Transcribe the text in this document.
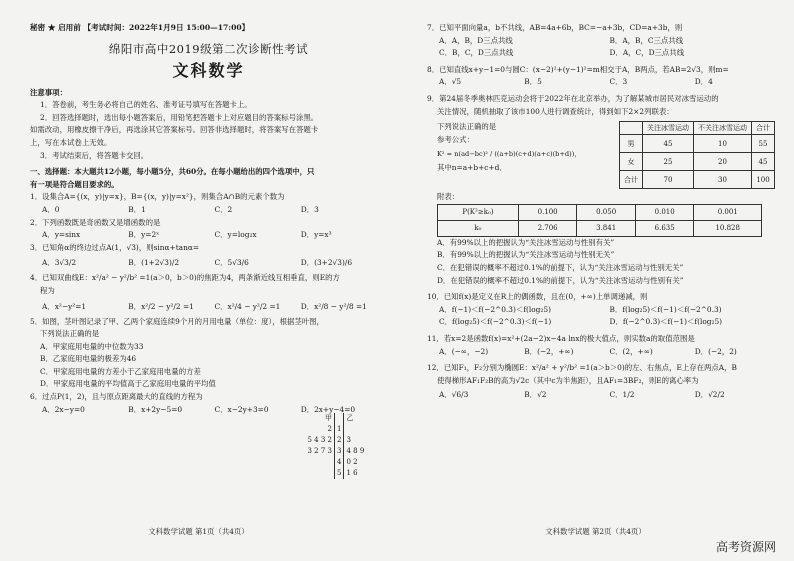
秘密 ★ 启用前 【考试时间：2022年1月9日 15:00—17:00】
绵阳市高中2019级第二次诊断性考试
文科数学
注意事项：
1．答卷前，考生务必将自己的姓名、准考证号填写在答题卡上。
2．回答选择题时，选出每小题答案后，用铅笔把答题卡上对应题目的答案标号涂黑。
如需改动，用橡皮擦干净后，再选涂其它答案标号。回答非选择题时，将答案写在答题卡
上，写在本试卷上无效。
3．考试结束后，将答题卡交回。
一、选择题：本大题共12小题，每小题5分，共60分。在每小题给出的四个选项中，只
有一项是符合题目要求的。
1．设集合A={(x，y)|y=x}，B={(x，y)|y=x²}，则集合A∩B的元素个数为
A．0	B．1	C．2	D．3
2．下列函数既是奇函数又是增函数的是
A．y=sinx	B．y=2ˣ	C．y=log₂x	D．y=x³
3．已知角α的终边过点A(1，√3)，则sinα+tanα=
A．3√3/2	B．(1+2√3)/2	C．5√3/6	D．(3+2√3)/6
4．已知双曲线E：x²/a² − y²/b² =1(a＞0，b＞0)的焦距为4，两条渐近线互相垂直，则E的方
程为
A．x²−y²=1	B．x²/2 − y²/2 =1	C．x²/4 − y²/2 =1	D．x²/8 − y²/8 =1
5．如图，茎叶图记录了甲、乙两个家庭连续9个月的月用电量（单位：度），根据茎叶图，
下列说法正确的是
A．甲家庭用电量的中位数为33
B．乙家庭用电量的极差为46
C．甲家庭用电量的方差小于乙家庭用电量的方差
D．甲家庭用电量的平均值高于乙家庭用电量的平均值
6．过点P(1，2)，且与原点距离最大的直线的方程为
A．2x−y=0	B．x+2y−5=0	C．x−2y+3=0	D．2x+y−4=0
文科数学试题 第1页（共4页）
甲		乙
2	1	
5 4 3 2	2	3
3 2 7 3	3	4 8 9
	4	0 2
	5	1 6
7．已知平面向量a，b不共线，AB=4a+6b，BC=−a+3b，CD=a+3b，则
A．A，B，D三点共线	B．A，B，C三点共线
C．B，C，D三点共线	D．A，C，D三点共线
8．已知直线x+y−1=0与圆C：(x−2)²+(y−1)²=m相交于A，B两点，若AB=2√3，则m=
A．√5	B．5	C．3	D．4
9．第24届冬季奥林匹克运动会将于2022年在北京举办，为了解某城市居民对冰雪运动的
关注情况，随机抽取了该市100人进行调查统计，得到如下2×2列联表：
下列说法正确的是
参考公式：
K² = n(ad−bc)² / ((a+b)(c+d)(a+c)(b+d))，
其中n=a+b+c+d．
	关注冰雪运动	不关注冰雪运动	合计
男	45	10	55
女	25	20	45
合计	70	30	100
附表：
P(K²≥k₀)	0.100	0.050	0.010	0.001
k₀	2.706	3.841	6.635	10.828
A．有99%以上的把握认为“关注冰雪运动与性别有关”
B．有99%以上的把握认为“关注冰雪运动与性别无关”
C．在犯错误的概率不超过0.1%的前提下，认为“关注冰雪运动与性别无关”
D．在犯错误的概率不超过0.1%的前提下，认为“关注冰雪运动与性别有关”
10．已知f(x)是定义在R上的偶函数，且在(0，+∞)上单调递减，则
A．f(−1)＜f(−2^0.3)＜f(log₂5)	B．f(log₂5)＜f(−1)＜f(−2^0.3)
C．f(log₂5)＜f(−2^0.3)＜f(−1)	D．f(−2^0.3)＜f(−1)＜f(log₂5)
11．若x=2是函数f(x)=x²+(2a−2)x−4a lnx的极大值点，则实数a的取值范围是
A．(−∞，−2)	B．(−2，+∞)	C．(2，+∞)	D．(−2，2)
12．已知F₁，F₂分别为椭圆E：x²/a² + y²/b² =1(a＞b＞0)的左、右焦点，E上存在两点A，B
使得梯形AF₁F₂B的高为√2c（其中c为半焦距），且AF₁=3BF₂，则E的离心率为
A．√6/3	B．√2	C．1/2	D．√2/2
文科数学试题 第2页（共4页）
高考资源网
